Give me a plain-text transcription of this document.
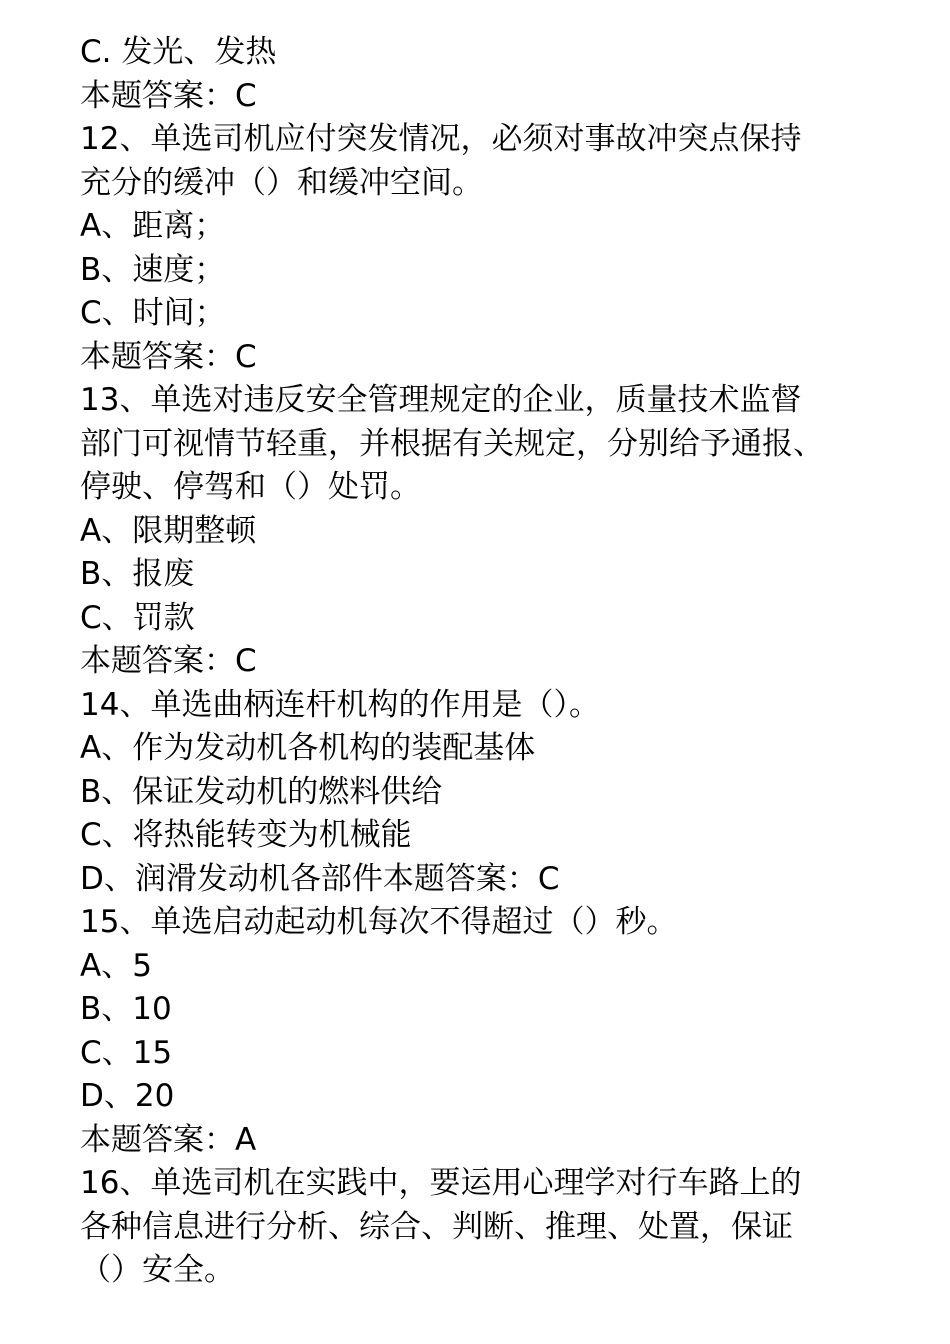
C. 发光、发热

本题答案：C

12、单选司机应付突发情况，必须对事故冲突点保持

充分的缓冲（）和缓冲空间。

A、距离；

B、速度；

C、时间；

本题答案：C

13、单选对违反安全管理规定的企业，质量技术监督

部门可视情节轻重，并根据有关规定，分别给予通报、

停驶、停驾和（）处罚。

A、限期整顿

B、报废

C、罚款

本题答案：C

14、单选曲柄连杆机构的作用是（）。

A、作为发动机各机构的装配基体

B、保证发动机的燃料供给

C、将热能转变为机械能

D、润滑发动机各部件本题答案：C

15、单选启动起动机每次不得超过（）秒。

A、5

B、10

C、15

D、20

本题答案：A

16、单选司机在实践中，要运用心理学对行车路上的

各种信息进行分析、综合、判断、推理、处置，保证

（）安全。
